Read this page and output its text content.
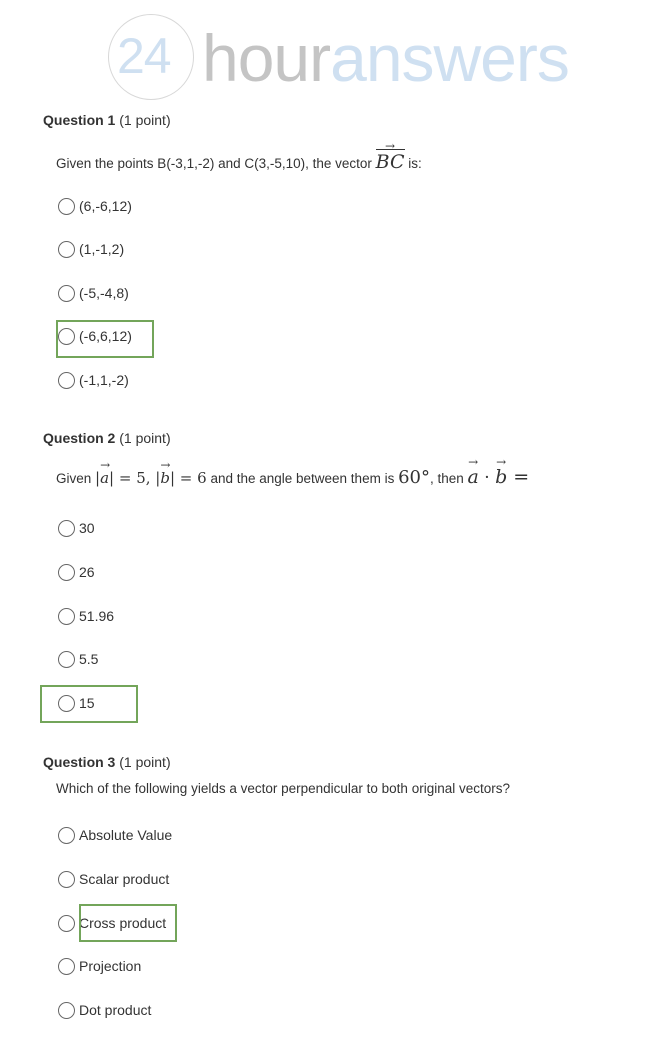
24 houranswers
Question 1 (1 point)
Given the points B(-3,1,-2) and C(3,-5,10), the vector
→
BC is:
(6,-6,12)
(1,-1,2)
(-5,-4,8)
(-6,6,12)
(-1,1,-2)
Question 2 (1 point)
Given |
→
a| = 5, |
→
b| = 6 and the angle between them is 60°, then
→
a ·
→
b =
30
26
51.96
5.5
15
Question 3 (1 point)
Which of the following yields a vector perpendicular to both original vectors?
Absolute Value
Scalar product
Cross product
Projection
Dot product
